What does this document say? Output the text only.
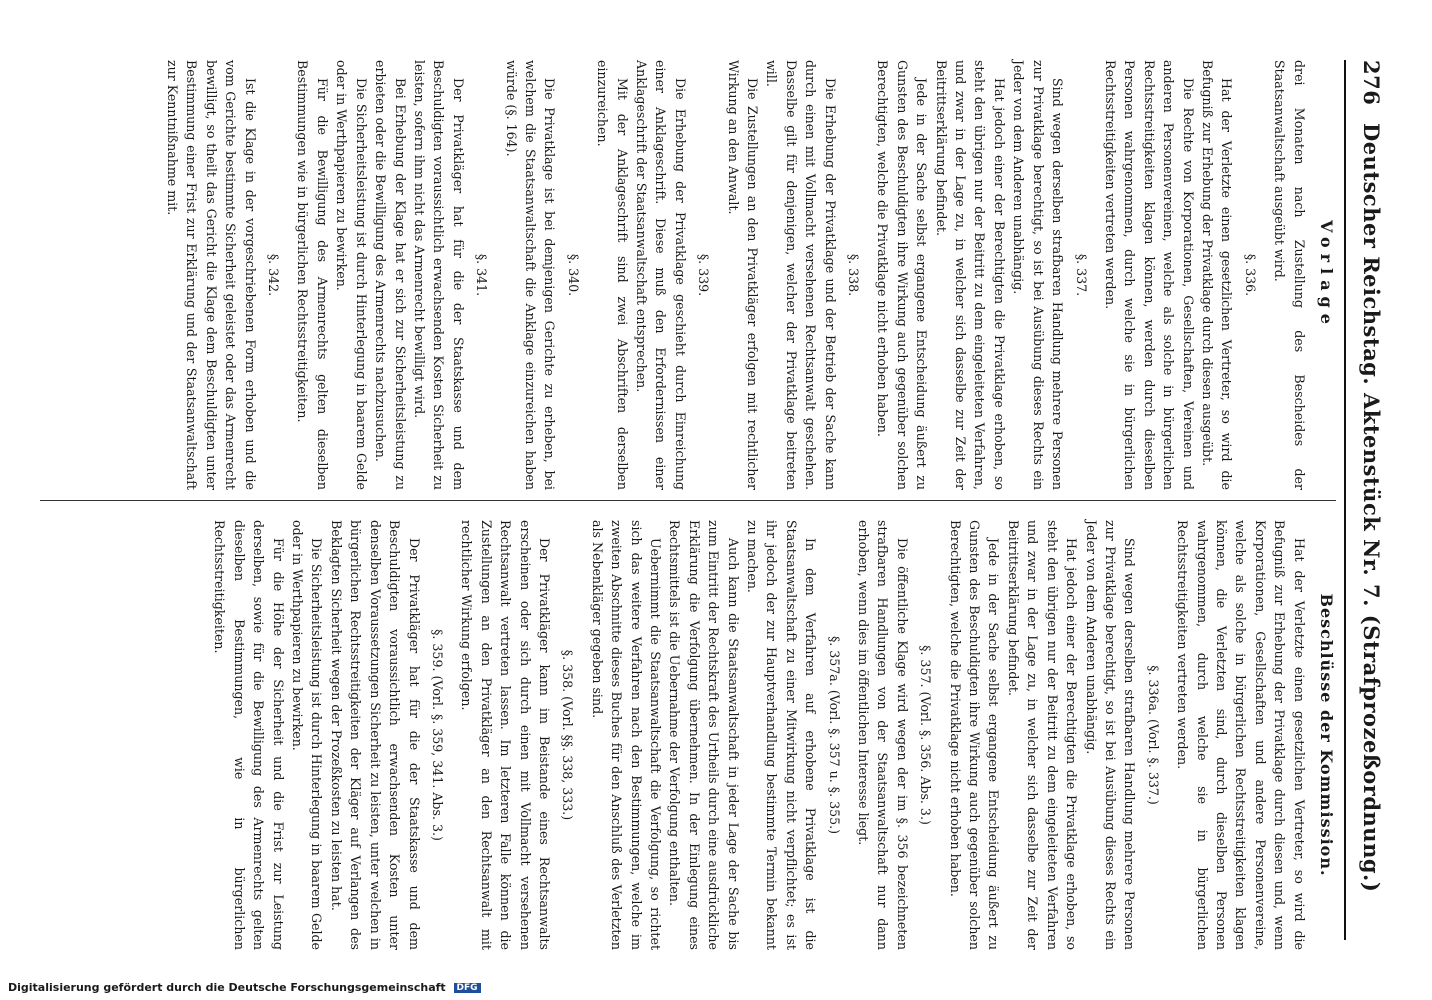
276
Deutscher Reichstag. Aktenstück Nr. 7. (Strafprozeßordnung.)
Vorlage
drei Monaten nach Zustellung des Bescheides der Staatsanwaltschaft ausgeübt wird.
§. 336.
Hat der Verletzte einen gesetzlichen Vertreter, so wird die Befugniß zur Erhebung der Privatklage durch diesen ausgeübt.
Die Rechte von Korporationen, Gesellschaften, Vereinen und anderen Personenvereinen, welche als solche in bürgerlichen Rechtsstreitigkeiten klagen können, werden durch dieselben Personen wahrgenommen, durch welche sie in bürgerlichen Rechtsstreitigkeiten vertreten werden.
§. 337.
Sind wegen derselben strafbaren Handlung mehrere Personen zur Privatklage berechtigt, so ist bei Ausübung dieses Rechts ein Jeder von dem Anderen unabhängig.
Hat jedoch einer der Berechtigten die Privatklage erhoben, so steht den übrigen nur der Beitritt zu dem eingeleiteten Verfahren, und zwar in der Lage zu, in welcher sich dasselbe zur Zeit der Beitrittserklärung befindet.
Jede in der Sache selbst ergangene Entscheidung äußert zu Gunsten des Beschuldigten ihre Wirkung auch gegenüber solchen Berechtigten, welche die Privatklage nicht erhoben haben.
§. 338.
Die Erhebung der Privatklage und der Betrieb der Sache kann durch einen mit Vollmacht versehenen Rechtsanwalt geschehen. Dasselbe gilt für denjenigen, welcher der Privatklage beitreten will.
Die Zustellungen an den Privatkläger erfolgen mit rechtlicher Wirkung an den Anwalt.
§. 339.
Die Erhebung der Privatklage geschieht durch Einreichung einer Anklageschrift. Diese muß den Erfordernissen einer Anklageschrift der Staatsanwaltschaft entsprechen.
Mit der Anklageschrift sind zwei Abschriften derselben einzureichen.
§. 340.
Die Privatklage ist bei demjenigen Gerichte zu erheben, bei welchem die Staatsanwaltschaft die Anklage einzureichen haben würde (§. 164).
§. 341.
Der Privatkläger hat für die der Staatskasse und dem Beschuldigten voraussichtlich erwachsenden Kosten Sicherheit zu leisten, sofern ihm nicht das Armenrecht bewilligt wird.
Bei Erhebung der Klage hat er sich zur Sicherheitsleistung zu erbieten oder die Bewilligung des Armenrechts nachzusuchen.
Die Sicherheitsleistung ist durch Hinterlegung in baarem Gelde oder in Werthpapieren zu bewirken.
Für die Bewilligung des Armenrechts gelten dieselben Bestimmungen wie in bürgerlichen Rechtsstreitigkeiten.
§. 342.
Ist die Klage in der vorgeschriebenen Form erhoben und die vom Gerichte bestimmte Sicherheit geleistet oder das Armenrecht bewilligt, so theilt das Gericht die Klage dem Beschuldigten unter Bestimmung einer Frist zur Erklärung und der Staatsanwaltschaft zur Kenntnißnahme mit.
Beschlüsse der Kommission.
Hat der Verletzte einen gesetzlichen Vertreter, so wird die Befugniß zur Erhebung der Privatklage durch diesen und, wenn Korporationen, Gesellschaften und andere Personenvereine, welche als solche in bürgerlichen Rechtsstreitigkeiten klagen können, die Verletzten sind, durch dieselben Personen wahrgenommen, durch welche sie in bürgerlichen Rechtsstreitigkeiten vertreten werden.
§. 336a. (Vorl. §. 337.)
Sind wegen derselben strafbaren Handlung mehrere Personen zur Privatklage berechtigt, so ist bei Ausübung dieses Rechts ein Jeder von dem Anderen unabhängig.
Hat jedoch einer der Berechtigten die Privatklage erhoben, so steht den übrigen nur der Beitritt zu dem eingeleiteten Verfahren und zwar in der Lage zu, in welcher sich dasselbe zur Zeit der Beitrittserklärung befindet.
Jede in der Sache selbst ergangene Entscheidung äußert zu Gunsten des Beschuldigten ihre Wirkung auch gegenüber solchen Berechtigten, welche die Privatklage nicht erhoben haben.
§. 357. (Vorl. §. 356. Abs. 3.)
Die öffentliche Klage wird wegen der im §. 356 bezeichneten strafbaren Handlungen von der Staatsanwaltschaft nur dann erhoben, wenn dies im öffentlichen Interesse liegt.
§. 357a. (Vorl. §. 357 u. §. 355.)
In dem Verfahren auf erhobene Privatklage ist die Staatsanwaltschaft zu einer Mitwirkung nicht verpflichtet; es ist ihr jedoch der zur Hauptverhandlung bestimmte Termin bekannt zu machen.
Auch kann die Staatsanwaltschaft in jeder Lage der Sache bis zum Eintritt der Rechtskraft des Urtheils durch eine ausdrückliche Erklärung die Verfolgung übernehmen. In der Einlegung eines Rechtsmittels ist die Uebernahme der Verfolgung enthalten.
Uebernimmt die Staatsanwaltschaft die Verfolgung, so richtet sich das weitere Verfahren nach den Bestimmungen, welche im zweiten Abschnitte dieses Buches für den Anschluß des Verletzten als Nebenkläger gegeben sind.
§. 358. (Vorl. §§. 338, 333.)
Der Privatkläger kann im Beistande eines Rechtsanwalts erscheinen oder sich durch einen mit Vollmacht versehenen Rechtsanwalt vertreten lassen. Im letzteren Falle können die Zustellungen an den Privatkläger an den Rechtsanwalt mit rechtlicher Wirkung erfolgen.
§. 359. (Vorl. §. 359, 341. Abs. 3.)
Der Privatkläger hat für die der Staatskasse und dem Beschuldigten voraussichtlich erwachsenden Kosten unter denselben Voraussetzungen Sicherheit zu leisten, unter welchen in bürgerlichen Rechtsstreitigkeiten der Kläger auf Verlangen des Beklagten Sicherheit wegen der Prozeßkosten zu leisten hat.
Die Sicherheitsleistung ist durch Hinterlegung in baarem Gelde oder in Werthpapieren zu bewirken.
Für die Höhe der Sicherheit und die Frist zur Leistung derselben, sowie für die Bewilligung des Armenrechts gelten dieselben Bestimmungen, wie in bürgerlichen Rechtsstreitigkeiten.
Digitalisierung gefördert durch die Deutsche Forschungsgemeinschaft DFG
